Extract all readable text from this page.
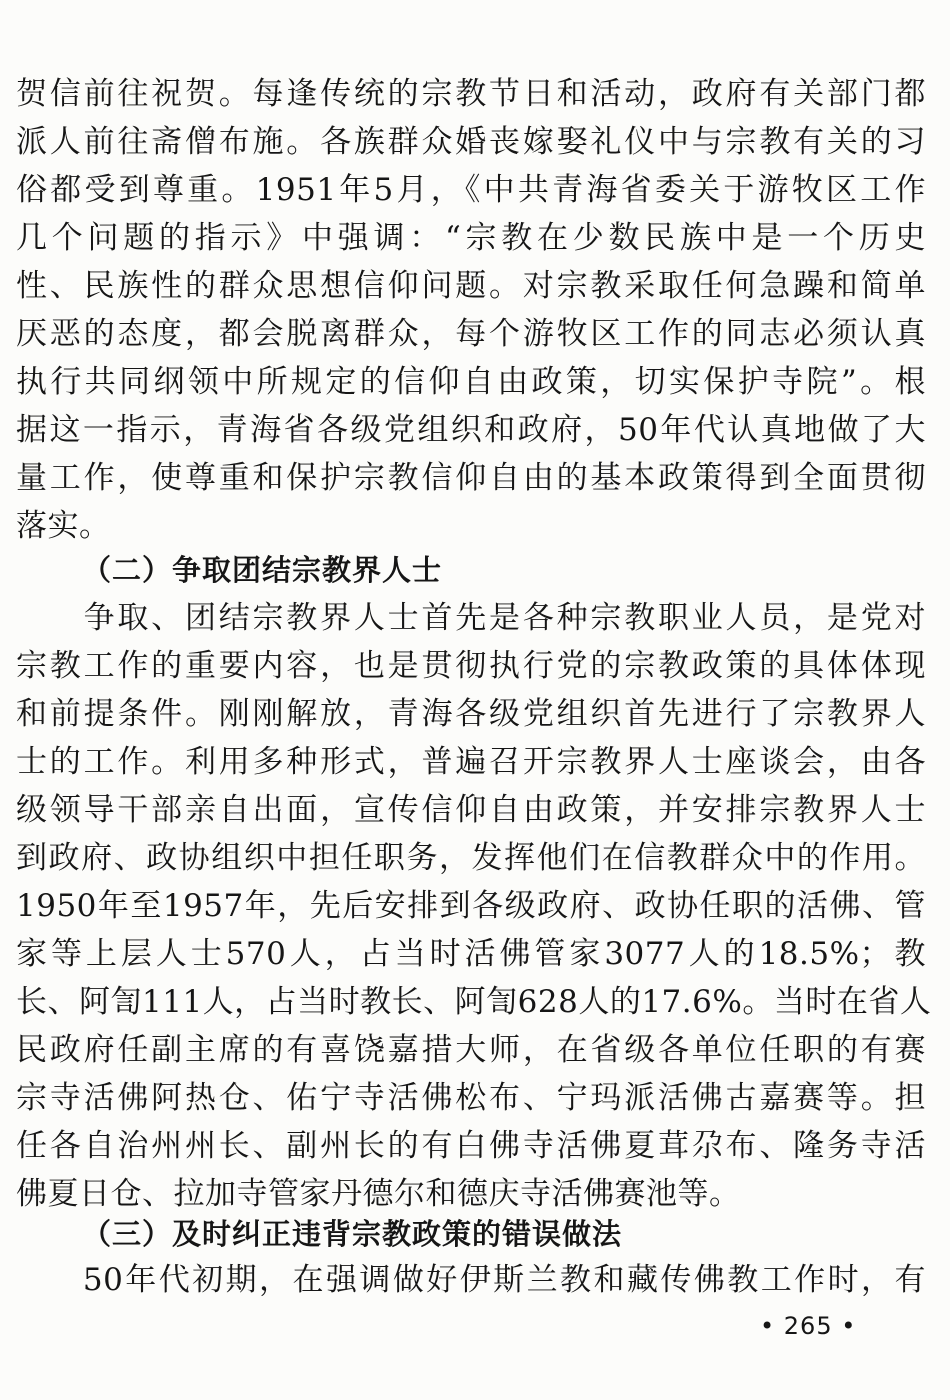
贺信前往祝贺。每逢传统的宗教节日和活动，政府有关部门都
派人前往斋僧布施。各族群众婚丧嫁娶礼仪中与宗教有关的习
俗都受到尊重。1951年5月，《中共青海省委关于游牧区工作
几个问题的指示》中强调：“宗教在少数民族中是一个历史
性、民族性的群众思想信仰问题。对宗教采取任何急躁和简单
厌恶的态度，都会脱离群众，每个游牧区工作的同志必须认真
执行共同纲领中所规定的信仰自由政策，切实保护寺院”。根
据这一指示，青海省各级党组织和政府，50年代认真地做了大
量工作，使尊重和保护宗教信仰自由的基本政策得到全面贯彻
落实。
（二）争取团结宗教界人士
　　争取、团结宗教界人士首先是各种宗教职业人员，是党对
宗教工作的重要内容，也是贯彻执行党的宗教政策的具体体现
和前提条件。刚刚解放，青海各级党组织首先进行了宗教界人
士的工作。利用多种形式，普遍召开宗教界人士座谈会，由各
级领导干部亲自出面，宣传信仰自由政策，并安排宗教界人士
到政府、政协组织中担任职务，发挥他们在信教群众中的作用。
1950年至1957年，先后安排到各级政府、政协任职的活佛、管
家等上层人士570人，占当时活佛管家3077人的18.5%；教
长、阿訇111人，占当时教长、阿訇628人的17.6%。当时在省人
民政府任副主席的有喜饶嘉措大师，在省级各单位任职的有赛
宗寺活佛阿热仓、佑宁寺活佛松布、宁玛派活佛古嘉赛等。担
任各自治州州长、副州长的有白佛寺活佛夏茸尕布、隆务寺活
佛夏日仓、拉加寺管家丹德尔和德庆寺活佛赛池等。
（三）及时纠正违背宗教政策的错误做法
　　50年代初期，在强调做好伊斯兰教和藏传佛教工作时，有
• 265 •
